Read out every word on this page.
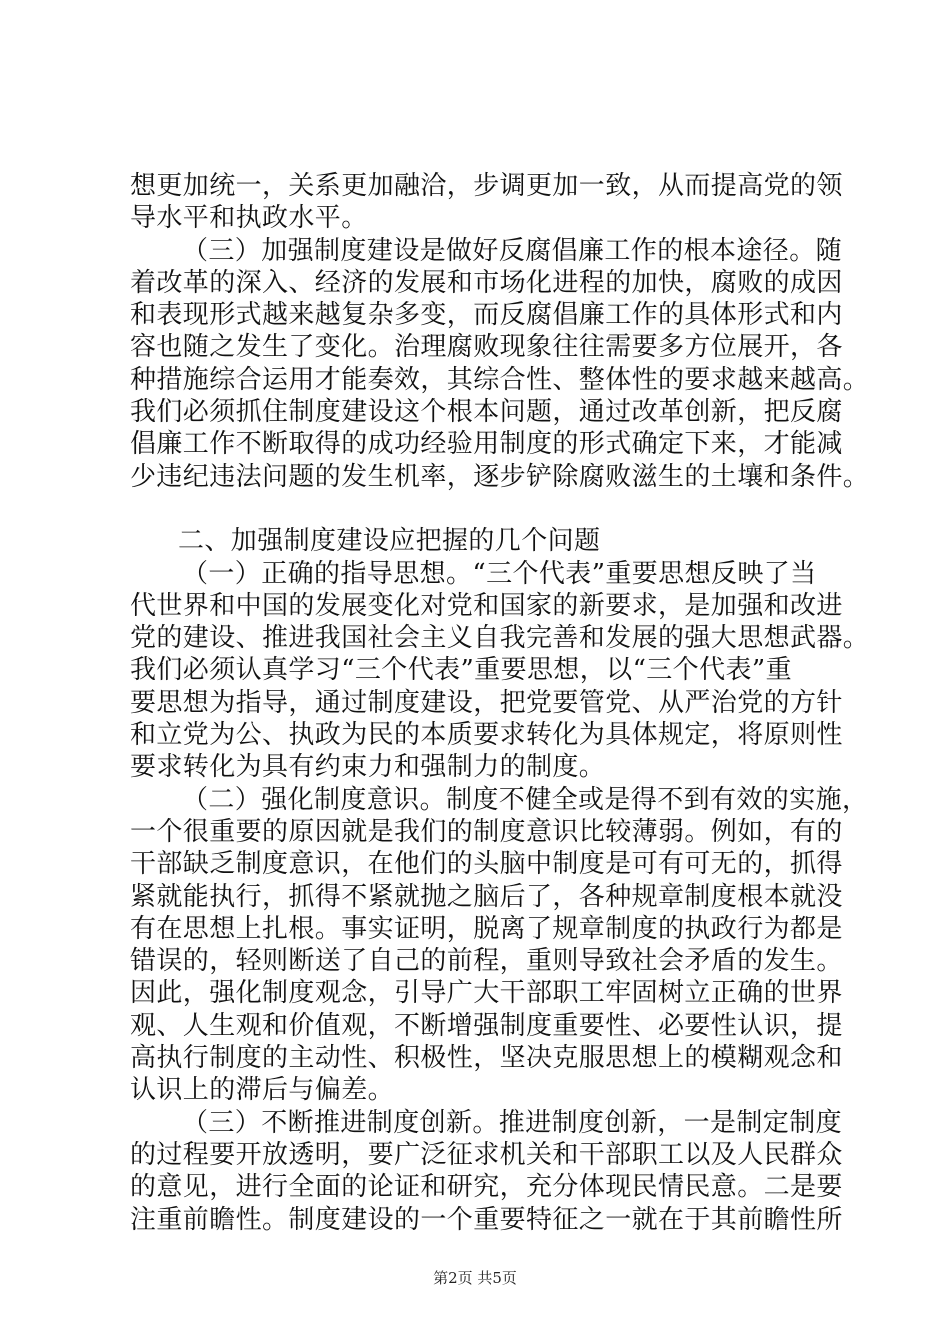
想更加统一，关系更加融洽，步调更加一致，从而提高党的领
导水平和执政水平。
（三）加强制度建设是做好反腐倡廉工作的根本途径。随
着改革的深入、经济的发展和市场化进程的加快，腐败的成因
和表现形式越来越复杂多变，而反腐倡廉工作的具体形式和内
容也随之发生了变化。治理腐败现象往往需要多方位展开，各
种措施综合运用才能奏效，其综合性、整体性的要求越来越高。
我们必须抓住制度建设这个根本问题，通过改革创新，把反腐
倡廉工作不断取得的成功经验用制度的形式确定下来，才能减
少违纪违法问题的发生机率，逐步铲除腐败滋生的土壤和条件。
二、加强制度建设应把握的几个问题
（一）正确的指导思想。“三个代表”重要思想反映了当
代世界和中国的发展变化对党和国家的新要求，是加强和改进
党的建设、推进我国社会主义自我完善和发展的强大思想武器。
我们必须认真学习“三个代表”重要思想，以“三个代表”重
要思想为指导，通过制度建设，把党要管党、从严治党的方针
和立党为公、执政为民的本质要求转化为具体规定，将原则性
要求转化为具有约束力和强制力的制度。
（二）强化制度意识。制度不健全或是得不到有效的实施，
一个很重要的原因就是我们的制度意识比较薄弱。例如，有的
干部缺乏制度意识，在他们的头脑中制度是可有可无的，抓得
紧就能执行，抓得不紧就抛之脑后了，各种规章制度根本就没
有在思想上扎根。事实证明，脱离了规章制度的执政行为都是
错误的，轻则断送了自己的前程，重则导致社会矛盾的发生。
因此，强化制度观念，引导广大干部职工牢固树立正确的世界
观、人生观和价值观，不断增强制度重要性、必要性认识，提
高执行制度的主动性、积极性，坚决克服思想上的模糊观念和
认识上的滞后与偏差。
（三）不断推进制度创新。推进制度创新，一是制定制度
的过程要开放透明，要广泛征求机关和干部职工以及人民群众
的意见，进行全面的论证和研究，充分体现民情民意。二是要
注重前瞻性。制度建设的一个重要特征之一就在于其前瞻性所
第2页 共5页
